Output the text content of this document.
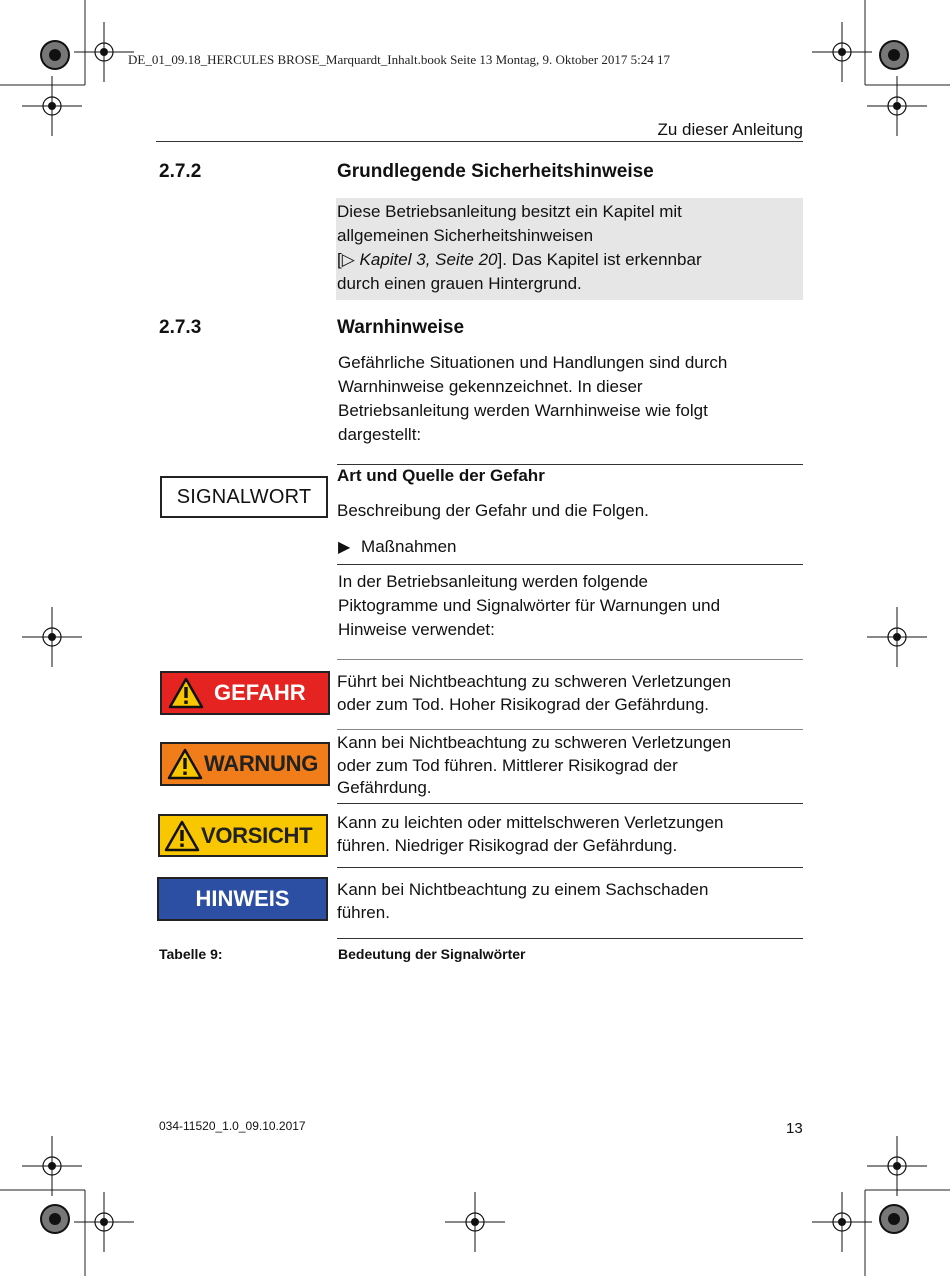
DE_01_09.18_HERCULES BROSE_Marquardt_Inhalt.book Seite 13 Montag, 9. Oktober 2017 5:24 17
Zu dieser Anleitung
2.7.2	Grundlegende Sicherheitshinweise
Diese Betriebsanleitung besitzt ein Kapitel mit
allgemeinen Sicherheitshinweisen
[▷ Kapitel 3, Seite 20]. Das Kapitel ist erkennbar
durch einen grauen Hintergrund.
2.7.3	Warnhinweise
Gefährliche Situationen und Handlungen sind durch
Warnhinweise gekennzeichnet. In dieser
Betriebsanleitung werden Warnhinweise wie folgt
dargestellt:
SIGNALWORT
Art und Quelle der Gefahr
Beschreibung der Gefahr und die Folgen.
▶ Maßnahmen
In der Betriebsanleitung werden folgende
Piktogramme und Signalwörter für Warnungen und
Hinweise verwendet:
GEFAHR Führt bei Nichtbeachtung zu schweren Verletzungen
oder zum Tod. Hoher Risikograd der Gefährdung.
WARNUNG
Kann bei Nichtbeachtung zu schweren Verletzungen
oder zum Tod führen. Mittlerer Risikograd der
Gefährdung.
VORSICHT Kann zu leichten oder mittelschweren Verletzungen
führen. Niedriger Risikograd der Gefährdung.
HINWEIS	Kann bei Nichtbeachtung zu einem Sachschaden
führen.
Tabelle 9:	Bedeutung der Signalwörter
034-11520_1.0_09.10.2017	13
